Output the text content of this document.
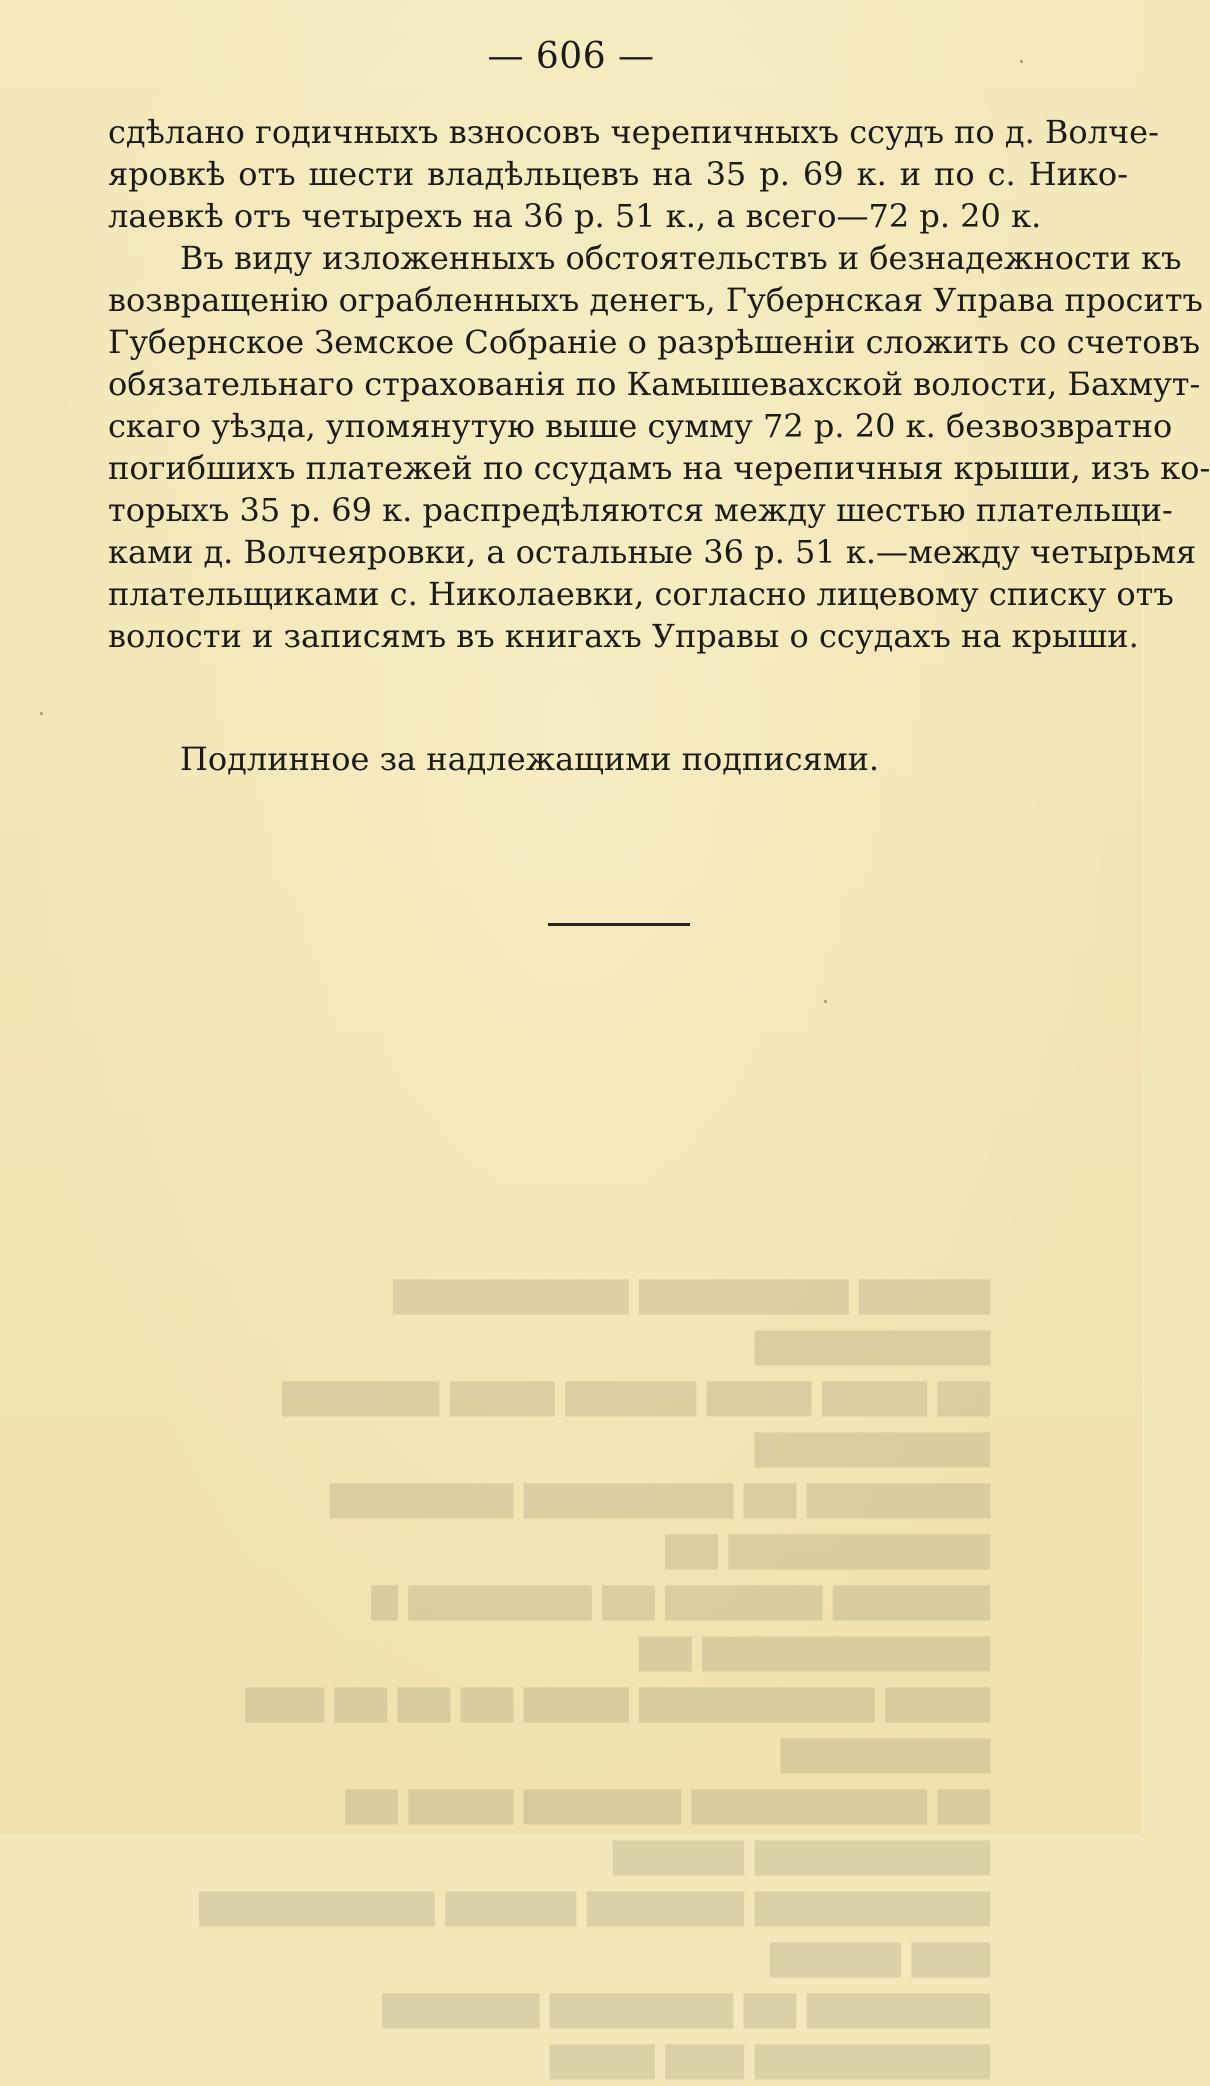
▇▇▇▇▇ ▇▇▇▇▇▇▇▇ ▇▇▇▇▇▇▇▇▇ ▇▇▇▇▇▇▇▇▇
▇▇ ▇▇▇▇ ▇▇▇▇ ▇▇▇▇▇ ▇▇▇▇ ▇▇▇▇▇▇ ▇▇▇▇▇▇▇▇▇
▇▇▇▇▇▇▇ ▇▇ ▇▇▇▇▇▇▇▇ ▇▇▇▇▇▇▇ ▇▇▇▇▇▇▇▇▇▇ ▇▇
▇▇▇▇▇▇ ▇▇▇▇▇▇ ▇▇ ▇▇▇▇▇▇▇ ▇ ▇▇▇▇▇▇▇▇▇▇▇ ▇▇
▇▇▇▇ ▇▇▇▇▇▇▇▇▇ ▇▇▇▇ ▇▇ ▇▇ ▇▇ ▇▇▇ ▇▇▇▇▇▇▇▇
▇▇ ▇▇▇▇▇▇▇▇▇ ▇▇▇▇▇▇ ▇▇▇▇ ▇▇ ▇▇▇▇▇▇▇▇▇ ▇▇▇▇▇
▇▇▇▇▇▇▇▇▇ ▇▇▇▇▇▇ ▇▇▇▇▇ ▇▇▇▇▇▇▇▇▇ ▇▇▇ ▇▇▇▇▇
▇▇▇▇▇▇▇ ▇▇ ▇▇▇▇▇▇▇ ▇▇▇▇▇▇ ▇▇▇▇▇▇▇▇▇ ▇▇▇ ▇▇▇▇
— 606 —
сдѣлано годичныхъ взносовъ черепичныхъ ссудъ по д. Волче-
яровкѣ отъ шести владѣльцевъ на 35 р. 69 к. и по с. Нико-
лаевкѣ отъ четырехъ на 36 р. 51 к., а всего—72 р. 20 к.
Въ виду изложенныхъ обстоятельствъ и безнадежности къ
возвращенію ограбленныхъ денегъ, Губернская Управа проситъ
Губернское Земское Собраніе о разрѣшеніи сложить со счетовъ
обязательнаго страхованія по Камышевахской волости, Бахмут-
скаго уѣзда, упомянутую выше сумму 72 р. 20 к. безвозвратно
погибшихъ платежей по ссудамъ на черепичныя крыши, изъ ко-
торыхъ 35 р. 69 к. распредѣляются между шестью плательщи-
ками д. Волчеяровки, а остальные 36 р. 51 к.—между четырьмя
плательщиками с. Николаевки, согласно лицевому списку отъ
волости и записямъ въ книгахъ Управы о ссудахъ на крыши.
Подлинное за надлежащими подписями.
